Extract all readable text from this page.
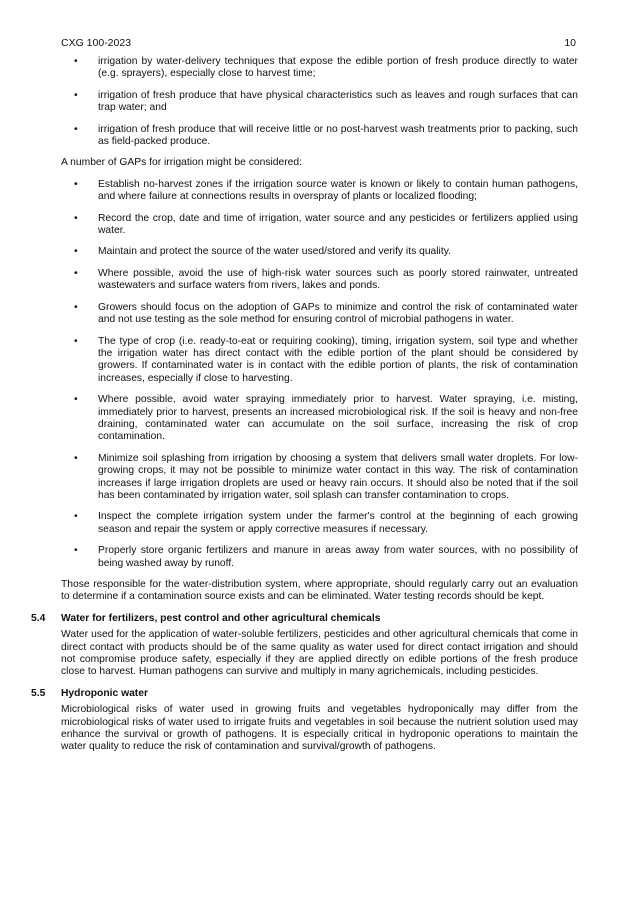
CXG 100-2023	10
• irrigation by water-delivery techniques that expose the edible portion of fresh produce directly to water (e.g. sprayers), especially close to harvest time;
• irrigation of fresh produce that have physical characteristics such as leaves and rough surfaces that can trap water; and
• irrigation of fresh produce that will receive little or no post-harvest wash treatments prior to packing, such as field-packed produce.

A number of GAPs for irrigation might be considered:

• Establish no-harvest zones if the irrigation source water is known or likely to contain human pathogens, and where failure at connections results in overspray of plants or localized flooding;
• Record the crop, date and time of irrigation, water source and any pesticides or fertilizers applied using water.
• Maintain and protect the source of the water used/stored and verify its quality.
• Where possible, avoid the use of high-risk water sources such as poorly stored rainwater, untreated wastewaters and surface waters from rivers, lakes and ponds.
• Growers should focus on the adoption of GAPs to minimize and control the risk of contaminated water and not use testing as the sole method for ensuring control of microbial pathogens in water.
• The type of crop (i.e. ready-to-eat or requiring cooking), timing, irrigation system, soil type and whether the irrigation water has direct contact with the edible portion of the plant should be considered by growers. If contaminated water is in contact with the edible portion of plants, the risk of contamination increases, especially if close to harvesting.
• Where possible, avoid water spraying immediately prior to harvest. Water spraying, i.e. misting, immediately prior to harvest, presents an increased microbiological risk. If the soil is heavy and non-free draining, contaminated water can accumulate on the soil surface, increasing the risk of crop contamination.
• Minimize soil splashing from irrigation by choosing a system that delivers small water droplets. For low-growing crops, it may not be possible to minimize water contact in this way. The risk of contamination increases if large irrigation droplets are used or heavy rain occurs. It should also be noted that if the soil has been contaminated by irrigation water, soil splash can transfer contamination to crops.
• Inspect the complete irrigation system under the farmer's control at the beginning of each growing season and repair the system or apply corrective measures if necessary.
• Properly store organic fertilizers and manure in areas away from water sources, with no possibility of being washed away by runoff.

Those responsible for the water-distribution system, where appropriate, should regularly carry out an evaluation to determine if a contamination source exists and can be eliminated. Water testing records should be kept.

5.4	Water for fertilizers, pest control and other agricultural chemicals

Water used for the application of water-soluble fertilizers, pesticides and other agricultural chemicals that come in direct contact with products should be of the same quality as water used for direct contact irrigation and should not compromise produce safety, especially if they are applied directly on edible portions of the fresh produce close to harvest. Human pathogens can survive and multiply in many agrichemicals, including pesticides.

5.5	Hydroponic water

Microbiological risks of water used in growing fruits and vegetables hydroponically may differ from the microbiological risks of water used to irrigate fruits and vegetables in soil because the nutrient solution used may enhance the survival or growth of pathogens. It is especially critical in hydroponic operations to maintain the water quality to reduce the risk of contamination and survival/growth of pathogens.
